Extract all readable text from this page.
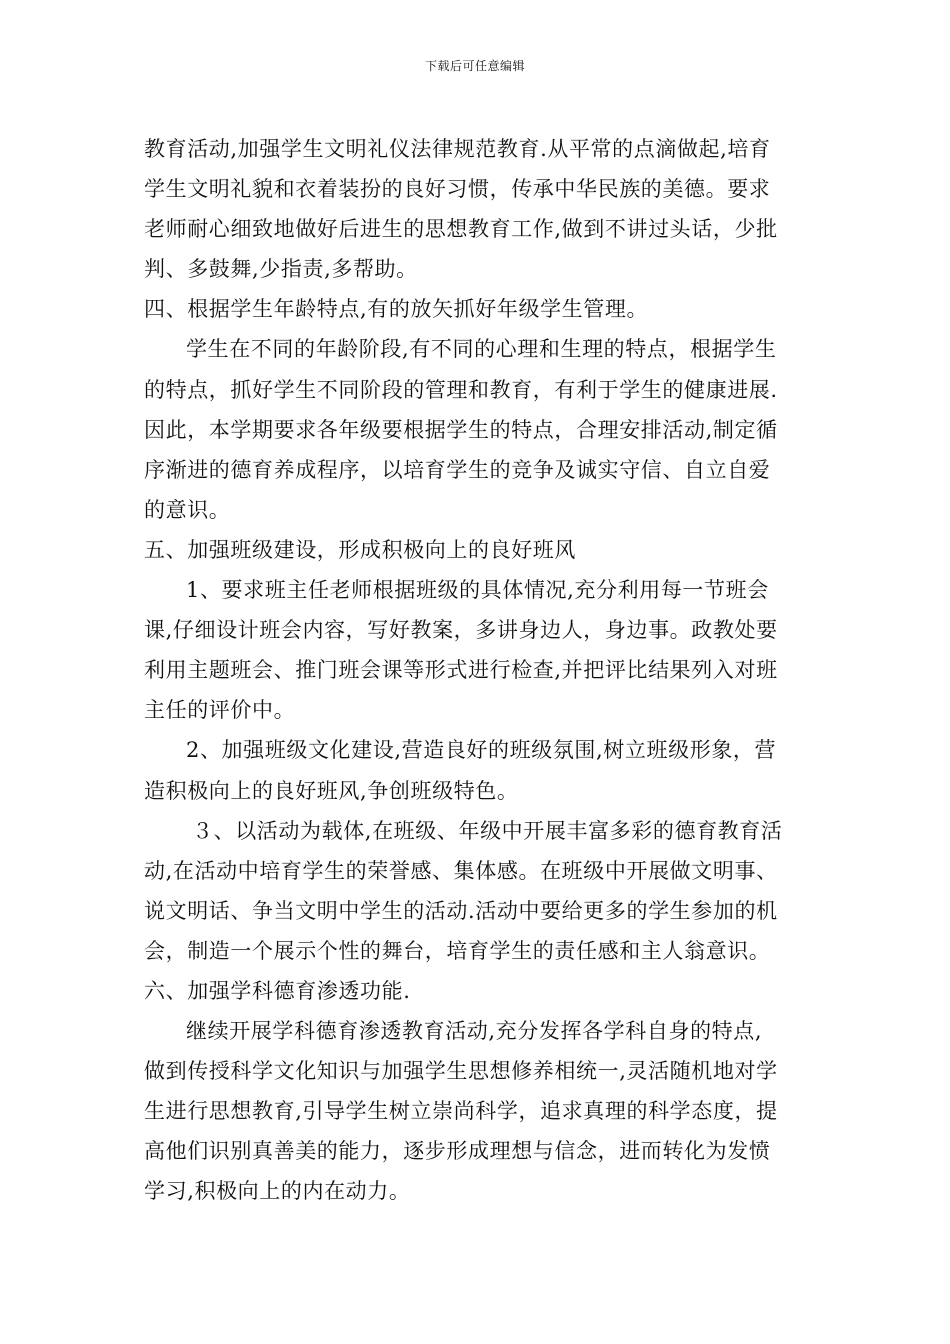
下载后可任意编辑
教育活动,加强学生文明礼仪法律规范教育.从平常的点滴做起,培育
学生文明礼貌和衣着装扮的良好习惯，传承中华民族的美德。要求
老师耐心细致地做好后进生的思想教育工作,做到不讲过头话，少批
判、多鼓舞,少指责,多帮助。
四、根据学生年龄特点,有的放矢抓好年级学生管理。
学生在不同的年龄阶段,有不同的心理和生理的特点，根据学生
的特点，抓好学生不同阶段的管理和教育，有利于学生的健康进展.
因此，本学期要求各年级要根据学生的特点，合理安排活动,制定循
序渐进的德育养成程序，以培育学生的竞争及诚实守信、自立自爱
的意识。
五、加强班级建设，形成积极向上的良好班风
1、要求班主任老师根据班级的具体情况,充分利用每一节班会
课,仔细设计班会内容，写好教案，多讲身边人，身边事。政教处要
利用主题班会、推门班会课等形式进行检查,并把评比结果列入对班
主任的评价中。
2、加强班级文化建设,营造良好的班级氛围,树立班级形象，营
造积极向上的良好班风,争创班级特色。
３、以活动为载体,在班级、年级中开展丰富多彩的德育教育活
动,在活动中培育学生的荣誉感、集体感。在班级中开展做文明事、
说文明话、争当文明中学生的活动.活动中要给更多的学生参加的机
会，制造一个展示个性的舞台，培育学生的责任感和主人翁意识。
六、加强学科德育渗透功能.
继续开展学科德育渗透教育活动,充分发挥各学科自身的特点,
做到传授科学文化知识与加强学生思想修养相统一,灵活随机地对学
生进行思想教育,引导学生树立崇尚科学，追求真理的科学态度，提
高他们识别真善美的能力，逐步形成理想与信念，进而转化为发愤
学习,积极向上的内在动力。
